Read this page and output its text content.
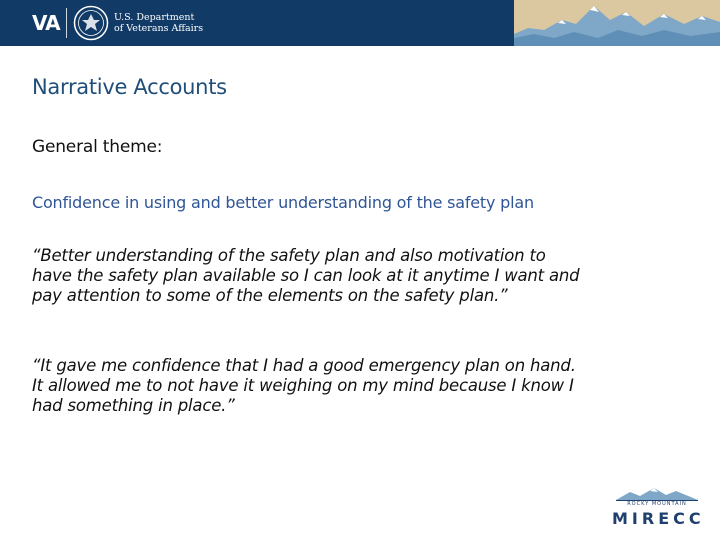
VA	U.S. Department
of Veterans Affairs
Narrative Accounts
General theme:
Confidence in using and better understanding of the safety plan
“Better understanding of the safety plan and also motivation to
have the safety plan available so I can look at it anytime I want and
pay attention to some of the elements on the safety plan.”
“It gave me confidence that I had a good emergency plan on hand.
It allowed me to not have it weighing on my mind because I know I
had something in place.”
ROCKY MOUNTAIN
MIRECC
